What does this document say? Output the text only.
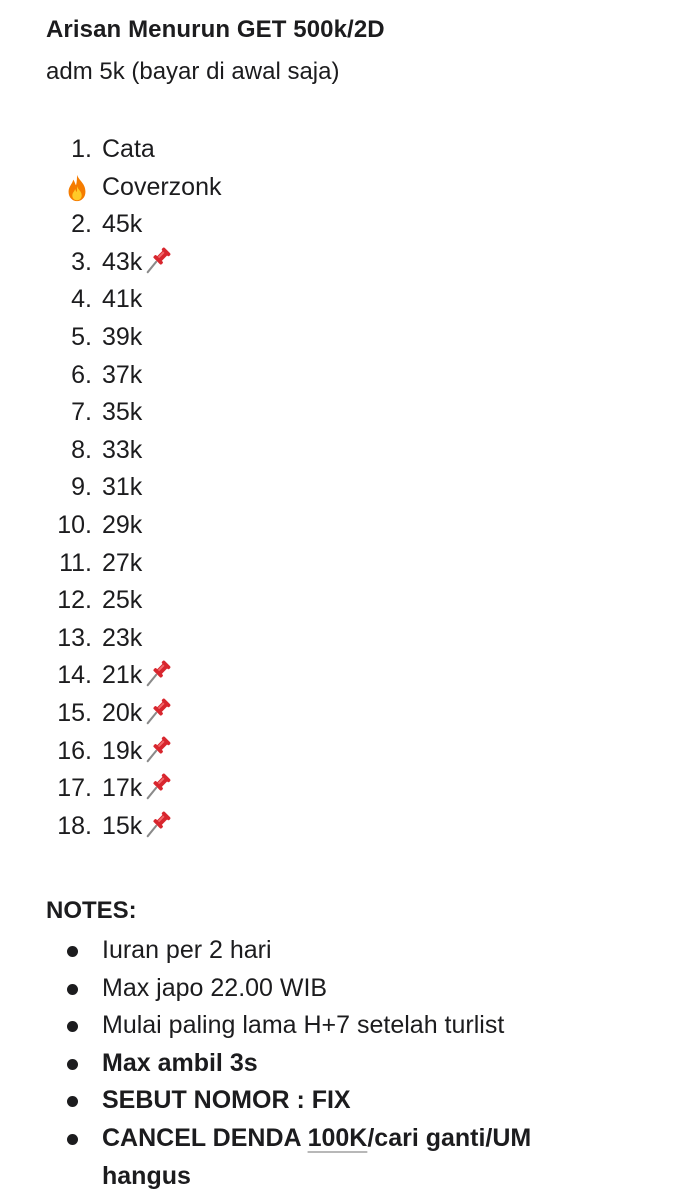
Arisan Menurun GET 500k/2D
adm 5k (bayar di awal saja)
1. Cata
Coverzonk
2. 45k
3. 43k
4. 41k
5. 39k
6. 37k
7. 35k
8. 33k
9. 31k
10. 29k
11. 27k
12. 25k
13. 23k
14. 21k
15. 20k
16. 19k
17. 17k
18. 15k
NOTES:
Iuran per 2 hari
Max japo 22.00 WIB
Mulai paling lama H+7 setelah turlist
Max ambil 3s
SEBUT NOMOR : FIX
CANCEL DENDA 100K/cari ganti/UM hangus
